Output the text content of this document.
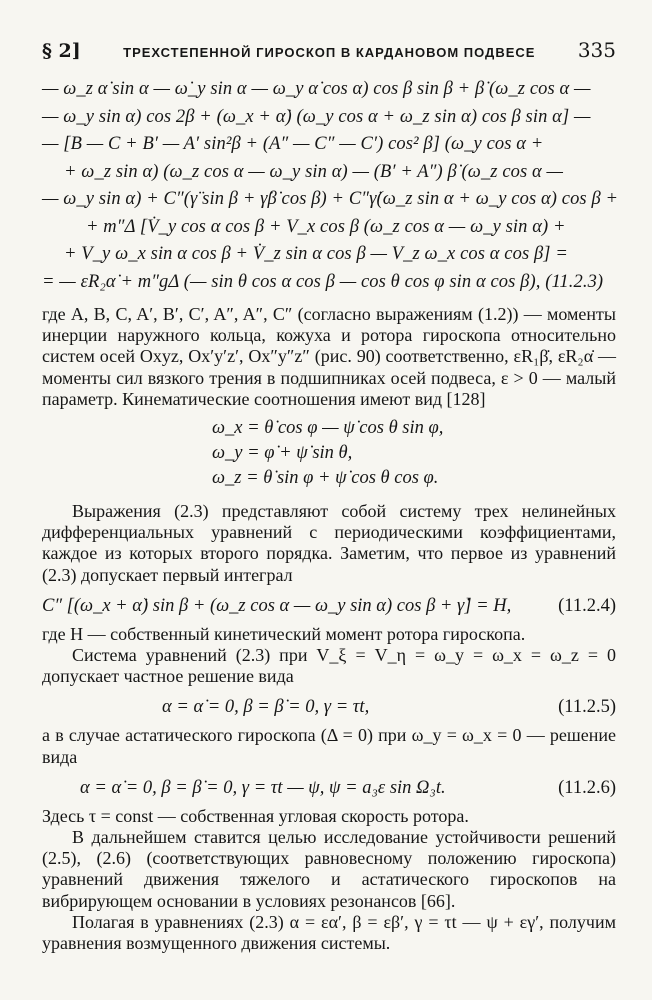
§ 2]	ТРЕХСТЕПЕННОЙ ГИРОСКОП В КАРДАНОВОМ ПОДВЕСЕ 335
— ω_z α̇ sin α — ω̇_y sin α — ω_y α̇ cos α) cos β sin β + β̇ (ω_z cos α —
— ω_y sin α) cos 2β + (ω_x + α̇) (ω_y cos α + ω_z sin α) cos β sin α] —
— [B — C + B′ — A′ sin²β + (A″ — C″ — C′) cos² β] (ω_y cos α +
+ ω_z sin α) (ω_z cos α — ω_y sin α) — (B′ + A″) β̇ (ω_z cos α —
— ω_y sin α) + C″(γ̈ sin β + γ̇β̇ cos β) + C″γ̇(ω_z sin α + ω_y cos α) cos β +
+ m″Δ [V̇_y cos α cos β + V_x cos β (ω_z cos α — ω_y sin α) +
+ V_y ω_x sin α cos β + V̇_z sin α cos β — V_z ω_x cos α cos β] =
= — εR₂α̇ + m″gΔ (— sin θ cos α cos β — cos θ cos φ sin α cos β), (11.2.3)

где A, B, C, A′, B′, C′, A″, A″, C″ (согласно выражениям (1.2)) — моменты инерции наружного кольца, кожуха и ротора гироскопа относительно систем осей Oxyz, Ox′y′z′, Ox″y″z″ (рис. 90) соответственно, εR₁β̇, εR₂α̇ — моменты сил вязкого трения в подшипниках осей подвеса, ε > 0 — малый параметр. Кинематические соотношения имеют вид [128]

ω_x = θ̇ cos φ — ψ̇ cos θ sin φ,
ω_y = φ̇ + ψ̇ sin θ,
ω_z = θ̇ sin φ + ψ̇ cos θ cos φ.

Выражения (2.3) представляют собой систему трех нелинейных дифференциальных уравнений с периодическими коэффициентами, каждое из которых второго порядка. Заметим, что первое из уравнений (2.3) допускает первый интеграл

C″ [(ω_x + α̇) sin β + (ω_z cos α — ω_y sin α) cos β + γ̇] = H,	(11.2.4)

где H — собственный кинетический момент ротора гироскопа.

Система уравнений (2.3) при V_ξ = V_η = ω_y = ω_x = ω_z = 0 допускает частное решение вида

α = α̇ = 0, β = β̇ = 0, γ = τt,	(11.2.5)

а в случае астатического гироскопа (Δ = 0) при ω_y = ω_x = 0 — решение вида

α = α̇ = 0, β = β̇ = 0, γ = τt — ψ, ψ = a₃ε sin Ω₃t.	(11.2.6)

Здесь τ = const — собственная угловая скорость ротора.

В дальнейшем ставится целью исследование устойчивости решений (2.5), (2.6) (соответствующих равновесному положению гироскопа) уравнений движения тяжелого и астатического гироскопов на вибрирующем основании в условиях резонансов [66].

Полагая в уравнениях (2.3) α = εα′, β = εβ′, γ = τt — ψ + εγ′, получим уравнения возмущенного движения системы.
